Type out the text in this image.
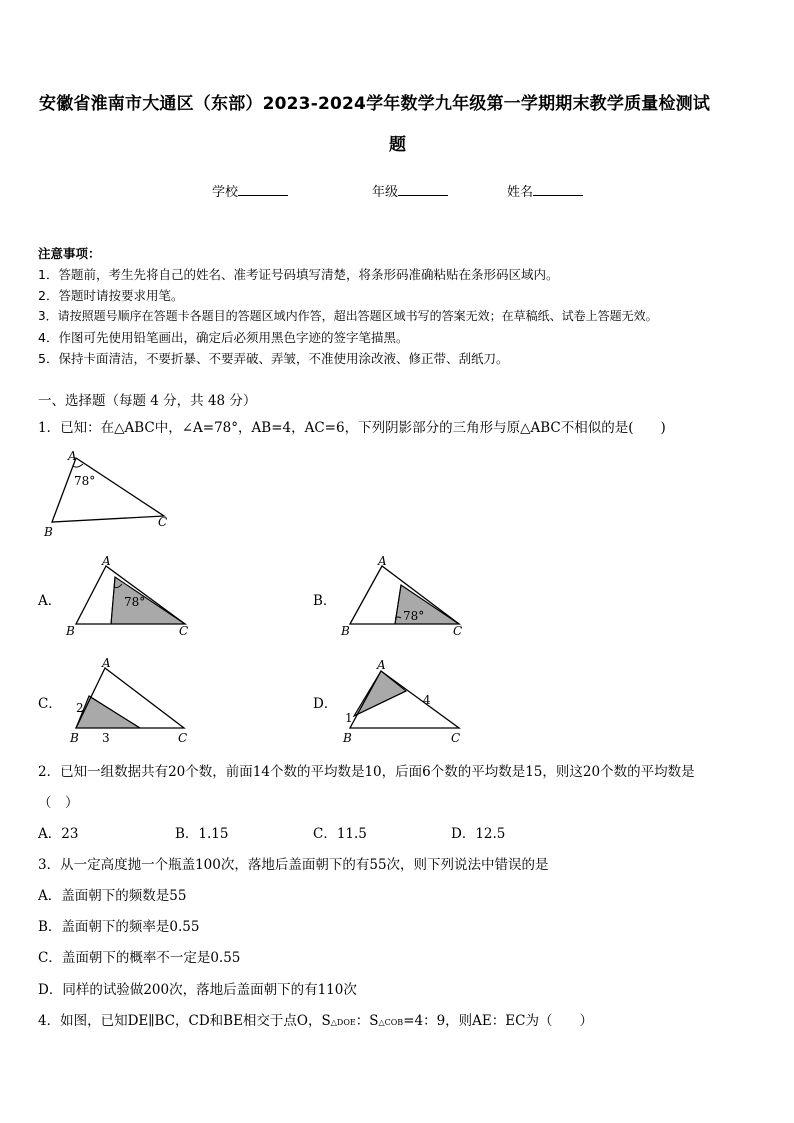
安徽省淮南市大通区（东部）2023-2024学年数学九年级第一学期期末教学质量检测试
题
学校	年级	姓名
注意事项：
1．答题前，考生先将自己的姓名、准考证号码填写清楚，将条形码准确粘贴在条形码区域内。
2．答题时请按要求用笔。
3．请按照题号顺序在答题卡各题目的答题区域内作答，超出答题区域书写的答案无效；在草稿纸、试卷上答题无效。
4．作图可先使用铅笔画出，确定后必须用黑色字迹的签字笔描黑。
5．保持卡面清洁，不要折暴、不要弄破、弄皱，不准使用涂改液、修正带、刮纸刀。
一、选择题（每题 4 分，共 48 分）
1．已知：在△ABC中，∠A=78°，AB=4，AC=6，下列阴影部分的三角形与原△ABC不相似的是(　　)
A
B
C
78°
A．
A
B	C
78°	B．
A
B	C
78°
C．
A
B	C
2
3
D．
A
B	C
1
4
2．已知一组数据共有20个数，前面14个数的平均数是10，后面6个数的平均数是15，则这20个数的平均数是
（　）
A．23	B．1.15	C．11.5	D．12.5
3．从一定高度抛一个瓶盖100次，落地后盖面朝下的有55次，则下列说法中错误的是
A．盖面朝下的频数是55
B．盖面朝下的频率是0.55
C．盖面朝下的概率不一定是0.55
D．同样的试验做200次，落地后盖面朝下的有110次
4．如图，已知DE∥BC，CD和BE相交于点O，S△DOE：S△COB=4：9，则AE：EC为（　　）
